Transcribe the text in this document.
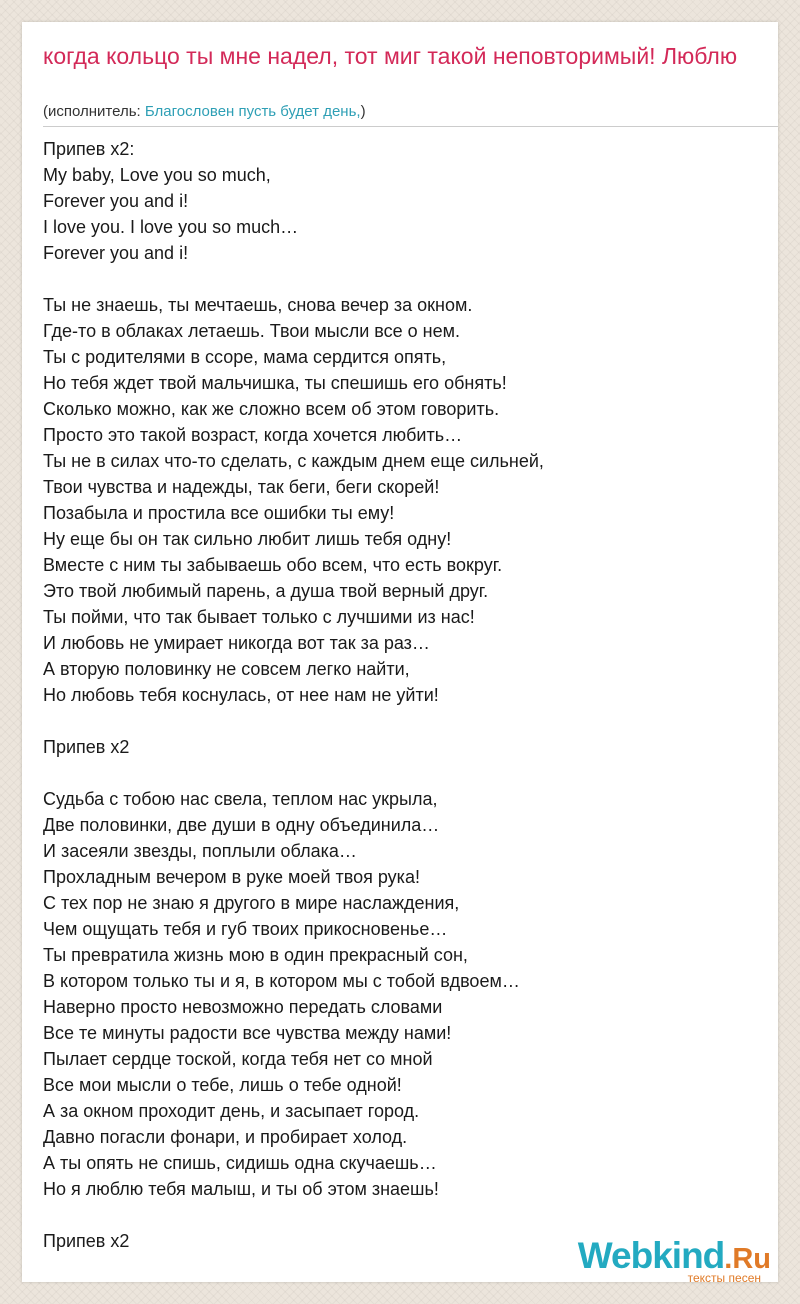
когда кольцо ты мне надел, тот миг такой неповторимый! Люблю
(исполнитель: Благословен пусть будет день,)
Припев x2:
My baby, Love you so much,
Forever you and i!
I love you. I love you so much…
Forever you and i!

Ты не знаешь, ты мечтаешь, снова вечер за окном.
Где-то в облаках летаешь. Твои мысли все о нем.
Ты с родителями в ссоре, мама сердится опять,
Но тебя ждет твой мальчишка, ты спешишь его обнять!
Сколько можно, как же сложно всем об этом говорить.
Просто это такой возраст, когда хочется любить…
Ты не в силах что-то сделать, с каждым днем еще сильней,
Твои чувства и надежды, так беги, беги скорей!
Позабыла и простила все ошибки ты ему!
Ну еще бы он так сильно любит лишь тебя одну!
Вместе с ним ты забываешь обо всем, что есть вокруг.
Это твой любимый парень, а душа твой верный друг.
Ты пойми, что так бывает только с лучшими из нас!
И любовь не умирает никогда вот так за раз…
А вторую половинку не совсем легко найти,
Но любовь тебя коснулась, от нее нам не уйти!

Припев x2

Судьба с тобою нас свела, теплом нас укрыла,
Две половинки, две души в одну объединила…
И засеяли звезды, поплыли облака…
Прохладным вечером в руке моей твоя рука!
С тех пор не знаю я другого в мире наслаждения,
Чем ощущать тебя и губ твоих прикосновенье…
Ты превратила жизнь мою в один прекрасный сон,
В котором только ты и я, в котором мы с тобой вдвоем…
Наверно просто невозможно передать словами
Все те минуты радости все чувства между нами!
Пылает сердце тоской, когда тебя нет со мной
Все мои мысли о тебе, лишь о тебе одной!
А за окном проходит день, и засыпает город.
Давно погасли фонари, и пробирает холод.
А ты опять не спишь, сидишь одна скучаешь…
Но я люблю тебя малыш, и ты об этом знаешь!

Припев x2	Webkind.Ru
тексты песен
